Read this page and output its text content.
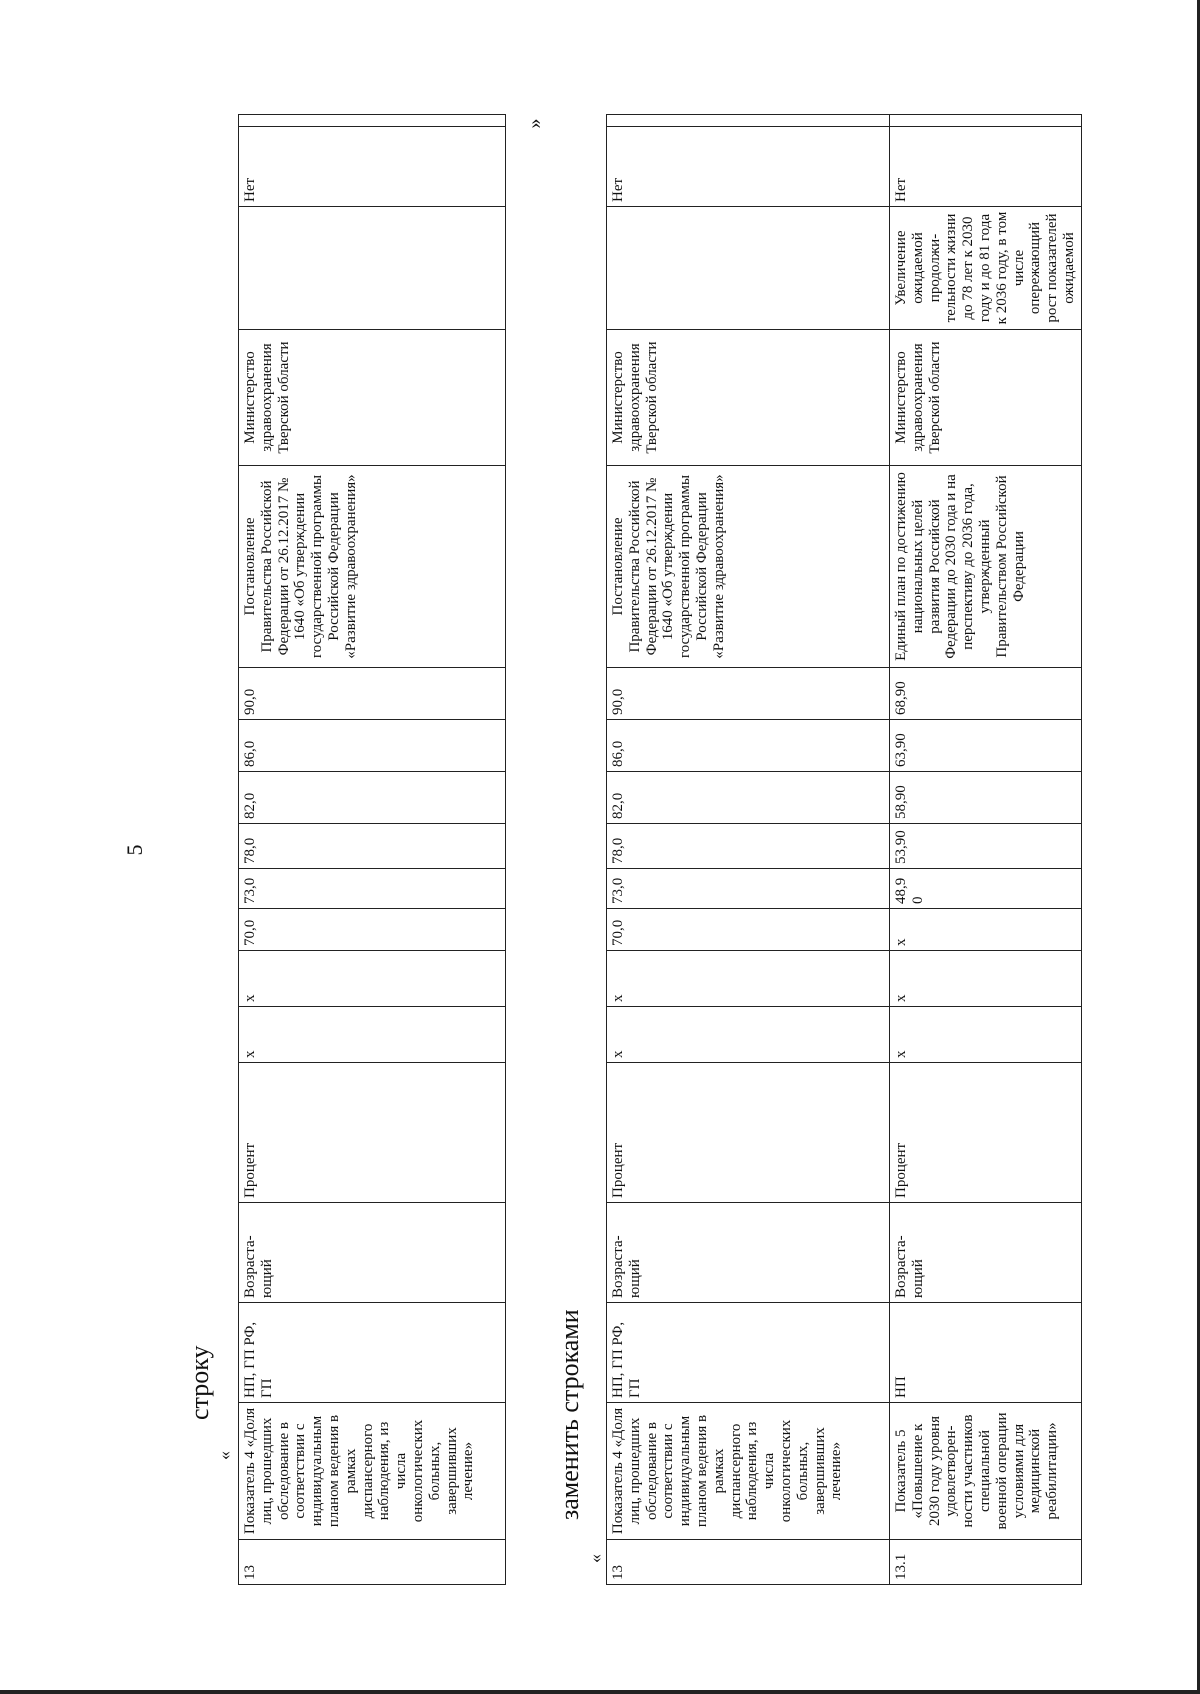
5
строку
«	заменить строками
«
»
13	Показатель 4 «Доля лиц, прошедших обследование в соответствии с индивидуальным планом ведения в рамках диспансерного наблюдения, из числа онкологических больных, завершивших лечение»	НП, ГП РФ, ГП	Возраста-ющий	Процент	х	х	70,0	73,0	78,0	82,0	86,0	90,0	Постановление Правительства Российской Федерации от 26.12.2017 № 1640 «Об утверждении государственной программы Российской Федерации «Развитие здравоохранения»	Министерство здравоохранения Тверской области		Нет	
13	Показатель 4 «Доля лиц, прошедших обследование в соответствии с индивидуальным планом ведения в рамках диспансерного наблюдения, из числа онкологических больных, завершивших лечение»	НП, ГП РФ, ГП	Возраста-ющий	Процент	х	х	70,0	73,0	78,0	82,0	86,0	90,0	Постановление Правительства Российской Федерации от 26.12.2017 № 1640 «Об утверждении государственной программы Российской Федерации «Развитие здравоохранения»	Министерство здравоохранения Тверской области		Нет	
13.1	Показатель 5 «Повышение к 2030 году уровня удовлетворен-ности участников специальной военной операции условиями для медицинской реабилитации»	НП	Возраста-ющий	Процент	х	х	х	48,90	53,90	58,90	63,90	68,90	Единый план по достижению национальных целей развития Российской Федерации до 2030 года и на перспективу до 2036 года, утвержденный Правительством Российской Федерации	Министерство здравоохранения Тверской области	Увеличение ожидаемой продолжи-тельности жизни до 78 лет к 2030 году и до 81 года к 2036 году, в том числе опережающий рост показателей ожидаемой	Нет	
